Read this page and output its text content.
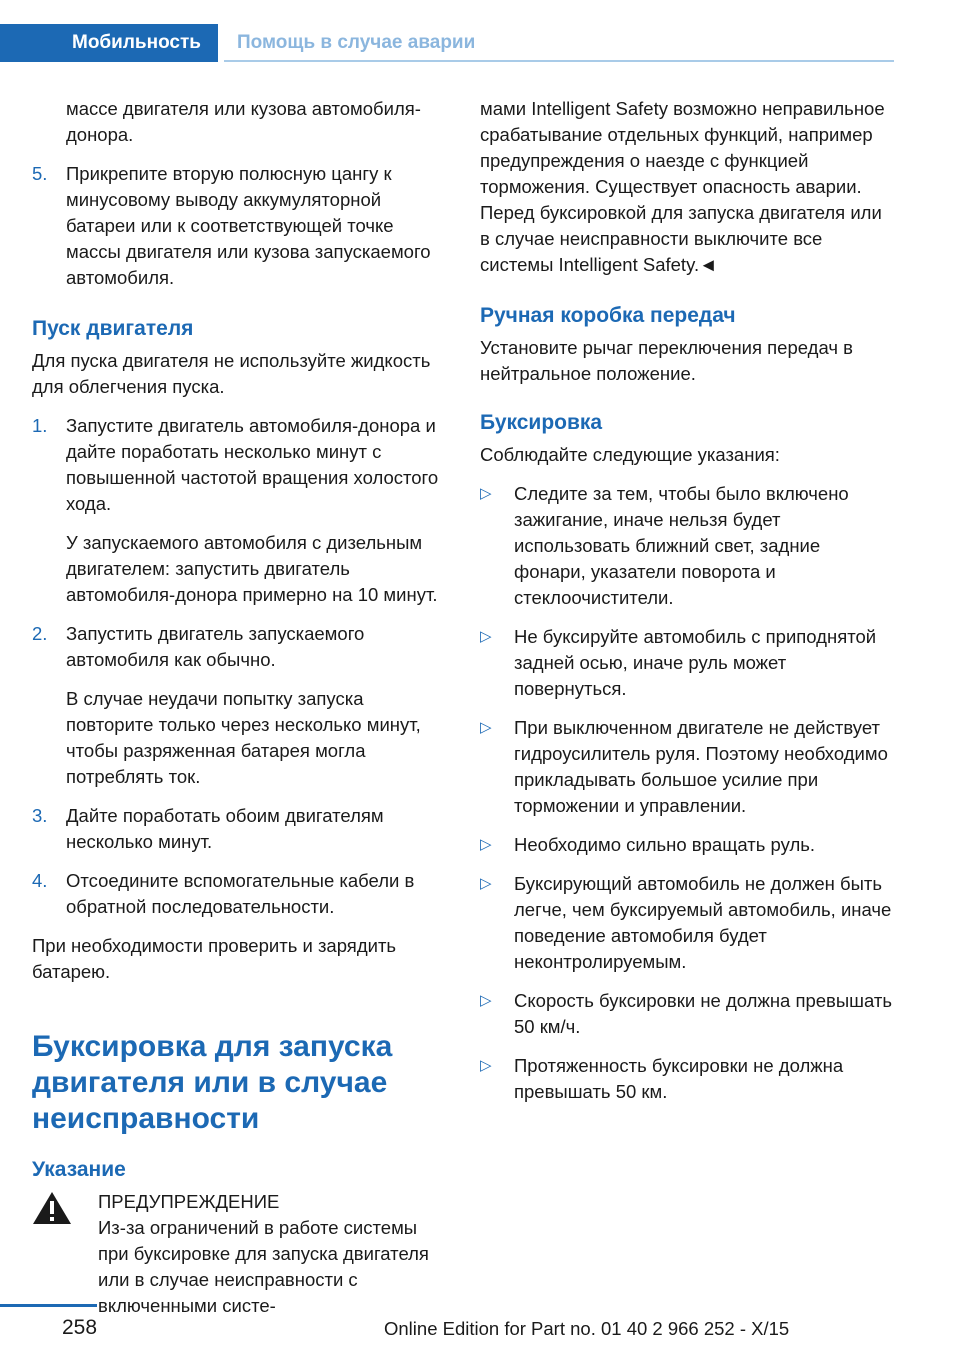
Мобильность	Помощь в случае аварии

массе двигателя или кузова автомобиля-донора.

5. Прикрепите вторую полюсную цангу к минусовому выводу аккумуляторной батареи или к соответствующей точке массы двигателя или кузова запускаемого автомобиля.

Пуск двигателя

Для пуска двигателя не используйте жидкость для облегчения пуска.

1. Запустите двигатель автомобиля-донора и дайте поработать несколько минут с повышенной частотой вращения холостого хода.

У запускаемого автомобиля с дизельным двигателем: запустить двигатель автомобиля-донора примерно на 10 минут.

2. Запустить двигатель запускаемого автомобиля как обычно.

В случае неудачи попытку запуска повторите только через несколько минут, чтобы разряженная батарея могла потреблять ток.

3. Дайте поработать обоим двигателям несколько минут.

4. Отсоедините вспомогательные кабели в обратной последовательности.

При необходимости проверить и зарядить батарею.

Буксировка для запуска двигателя или в случае неисправности

Указание

ПРЕДУПРЕЖДЕНИЕ

Из-за ограничений в работе системы при буксировке для запуска двигателя или в случае неисправности с включенными систе-

мами Intelligent Safety возможно неправильное срабатывание отдельных функций, например предупреждения о наезде с функцией торможения. Существует опасность аварии. Перед буксировкой для запуска двигателя или в случае неисправности выключите все системы Intelligent Safety.◄

Ручная коробка передач

Установите рычаг переключения передач в нейтральное положение.

Буксировка

Соблюдайте следующие указания:

▷ Следите за тем, чтобы было включено зажигание, иначе нельзя будет использовать ближний свет, задние фонари, указатели поворота и стеклоочистители.

▷ Не буксируйте автомобиль с приподнятой задней осью, иначе руль может повернуться.

▷ При выключенном двигателе не действует гидроусилитель руля. Поэтому необходимо прикладывать большое усилие при торможении и управлении.

▷ Необходимо сильно вращать руль.

▷ Буксирующий автомобиль не должен быть легче, чем буксируемый автомобиль, иначе поведение автомобиля будет неконтролируемым.

▷ Скорость буксировки не должна превышать 50 км/ч.

▷ Протяженность буксировки не должна превышать 50 км.

258	Online Edition for Part no. 01 40 2 966 252 - X/15
